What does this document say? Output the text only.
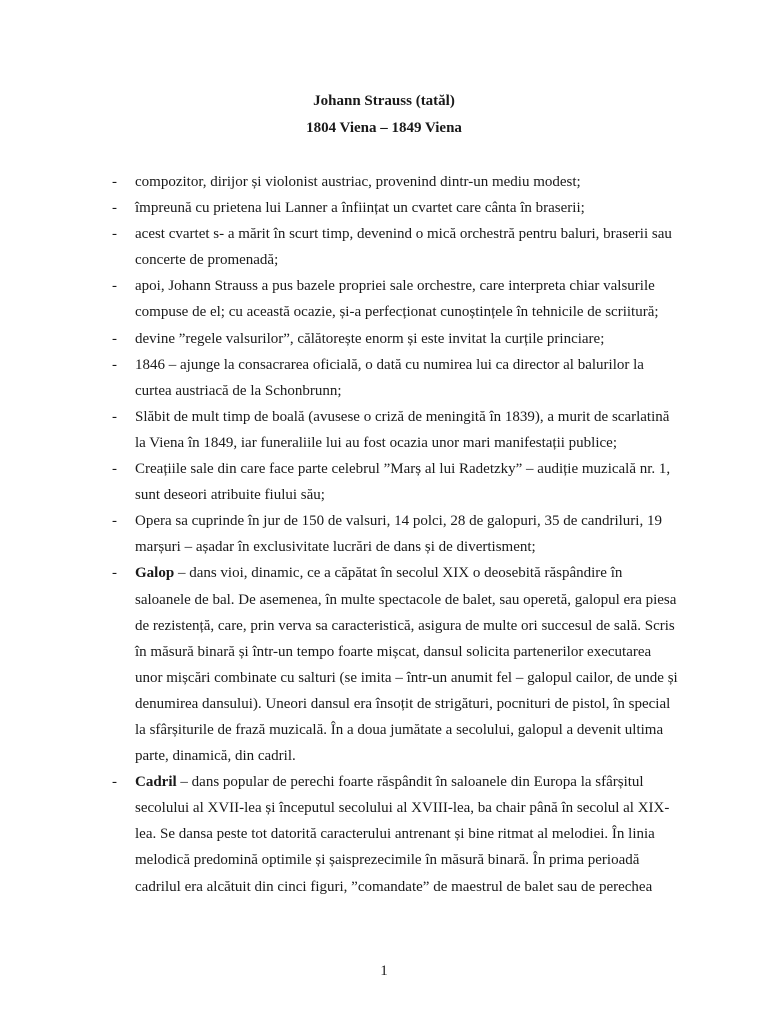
Johann Strauss (tatăl)
1804 Viena – 1849 Viena
- compozitor, dirijor și violonist austriac, provenind dintr-un mediu modest;
- împreună cu prietena lui Lanner a înființat un cvartet care cânta în braserii;
- acest cvartet s- a mărit în scurt timp, devenind o mică orchestră pentru baluri, braserii sau
concerte de promenadă;
- apoi, Johann Strauss a pus bazele propriei sale orchestre, care interpreta chiar valsurile
compuse de el; cu această ocazie, și-a perfecționat cunoștințele în tehnicile de scriitură;
- devine ”regele valsurilor”, călătorește enorm și este invitat la curțile princiare;
- 1846 – ajunge la consacrarea oficială, o dată cu numirea lui ca director al balurilor la
curtea austriacă de la Schonbrunn;
- Slăbit de mult timp de boală (avusese o criză de meningită în 1839), a murit de scarlatină
la Viena în 1849, iar funeraliile lui au fost ocazia unor mari manifestații publice;
- Creațiile sale din care face parte celebrul ”Marș al lui Radetzky” – audiție muzicală nr. 1,
sunt deseori atribuite fiului său;
- Opera sa cuprinde în jur de 150 de valsuri, 14 polci, 28 de galopuri, 35 de candriluri, 19
marșuri – așadar în exclusivitate lucrări de dans și de divertisment;
- Galop – dans vioi, dinamic, ce a căpătat în secolul XIX o deosebită răspândire în
saloanele de bal. De asemenea, în multe spectacole de balet, sau operetă, galopul era piesa
de rezistență, care, prin verva sa caracteristică, asigura de multe ori succesul de sală. Scris
în măsură binară și într-un tempo foarte mișcat, dansul solicita partenerilor executarea
unor mișcări combinate cu salturi (se imita – într-un anumit fel – galopul cailor, de unde și
denumirea dansului). Uneori dansul era însoțit de strigături, pocnituri de pistol, în special
la sfârșiturile de frază muzicală. În a doua jumătate a secolului, galopul a devenit ultima
parte, dinamică, din cadril.
- Cadril – dans popular de perechi foarte răspândit în saloanele din Europa la sfârșitul
secolului al XVII-lea și începutul secolului al XVIII-lea, ba chair până în secolul al XIX-
lea. Se dansa peste tot datorită caracterului antrenant și bine ritmat al melodiei. În linia
melodică predomină optimile și șaisprezecimile în măsură binară. În prima perioadă
cadrilul era alcătuit din cinci figuri, ”comandate” de maestrul de balet sau de perechea
1
